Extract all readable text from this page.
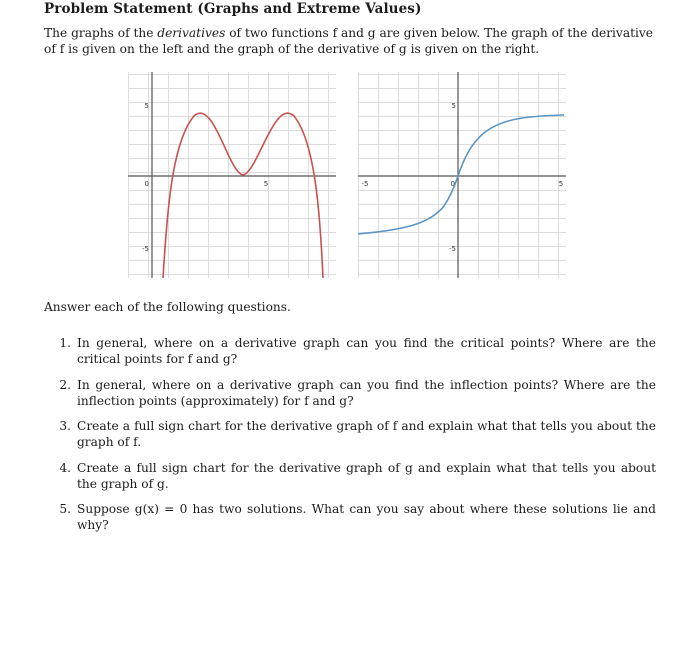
Problem Statement (Graphs and Extreme Values)
The graphs of the derivatives of two functions f and g are given below. The graph of the derivative of f is given on the left and the graph of the derivative of g is given on the right.
0	5
5
-5
-5	0	5
5
-5
Answer each of the following questions.
1. In general, where on a derivative graph can you find the critical points? Where are the critical points for f and g?
2. In general, where on a derivative graph can you find the inflection points? Where are the inflection points (approximately) for f and g?
3. Create a full sign chart for the derivative graph of f and explain what that tells you about the graph of f.
4. Create a full sign chart for the derivative graph of g and explain what that tells you about the graph of g.
5. Suppose g(x) = 0 has two solutions. What can you say about where these solutions lie and why?
